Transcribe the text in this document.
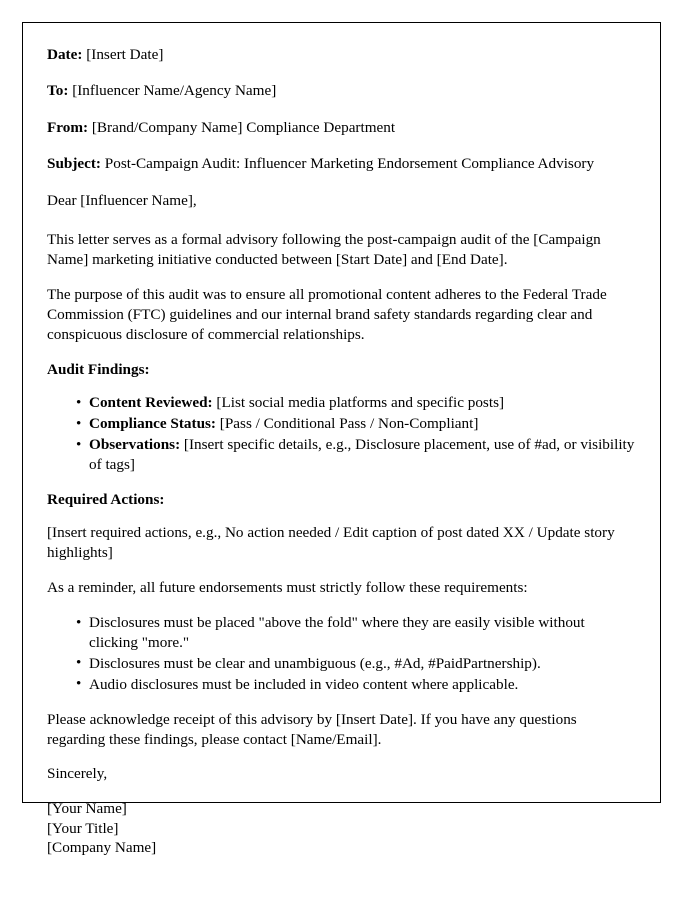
Date: [Insert Date]

To: [Influencer Name/Agency Name]

From: [Brand/Company Name] Compliance Department

Subject: Post-Campaign Audit: Influencer Marketing Endorsement Compliance Advisory

Dear [Influencer Name],

This letter serves as a formal advisory following the post-campaign audit of the [Campaign Name] marketing initiative conducted between [Start Date] and [End Date].

The purpose of this audit was to ensure all promotional content adheres to the Federal Trade Commission (FTC) guidelines and our internal brand safety standards regarding clear and conspicuous disclosure of commercial relationships.

Audit Findings:

• Content Reviewed: [List social media platforms and specific posts]
• Compliance Status: [Pass / Conditional Pass / Non-Compliant]
• Observations: [Insert specific details, e.g., Disclosure placement, use of #ad, or visibility of tags]

Required Actions:

[Insert required actions, e.g., No action needed / Edit caption of post dated XX / Update story highlights]

As a reminder, all future endorsements must strictly follow these requirements:

• Disclosures must be placed "above the fold" where they are easily visible without clicking "more."
• Disclosures must be clear and unambiguous (e.g., #Ad, #PaidPartnership).
• Audio disclosures must be included in video content where applicable.

Please acknowledge receipt of this advisory by [Insert Date]. If you have any questions regarding these findings, please contact [Name/Email].

Sincerely,

[Your Name]
[Your Title]
[Company Name]
